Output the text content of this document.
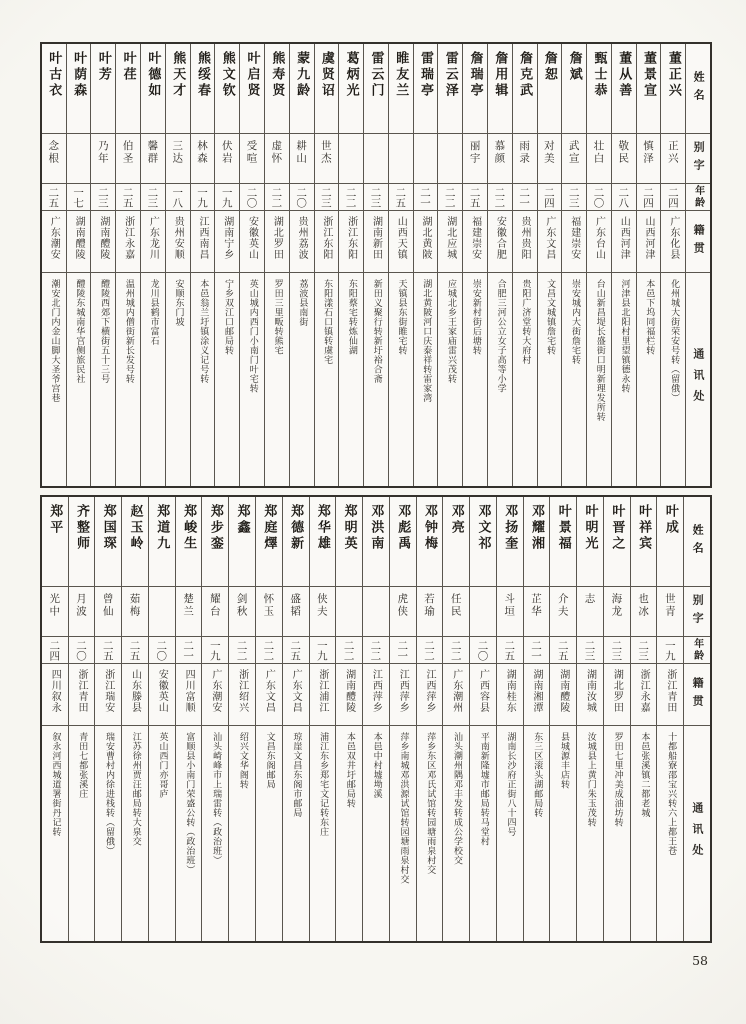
姓名
别字
年龄
籍贯
通讯处
董正兴
正兴
二四
广东化县
化州城大街荣安号转（留俄）
董景宣
慎泽
二四
山西河津
本邑下坞同福栏转
董从善
敬民
二八
山西河津
河津县北阳村里望镇德永转
甄士恭
壮白
二〇
广东台山
台山新昌堤长盛街口明新理发所转
詹斌
武宣
二三
福建崇安
崇安城内大街詹宅转
詹恕
对美
二四
广东文昌
文昌文城镇詹宅转
詹克武
雨录
二一
贵州贵阳
贵阳广济堂转大府村
詹用辑
慕颜
二二
安徽合肥
合肥三河公立女子高等小学
詹瑞亭
丽宇
二五
福建崇安
崇安新村街后塘转
雷云泽
二二
湖北应城
应城北乡王家庙雷兴茂转
雷瑞亭
二一
湖北黄陂
湖北黄陂河口庆泰祥转雷家湾
睢友兰
二五
山西天镇
天镇县东街睢宅转
雷云门
二三
湖南新田
新田义聚行转新圩裕合斋
葛炳光
二二
浙江东阳
东阳蔡宅转炼仙湖
虞贤诏
世杰
二三
浙江东阳
东阳漾石口镇转虞宅
蒙九龄
耕山
二〇
贵州荔波
荔波县南街
熊寿贤
虚怀
二二
湖北罗田
罗田三里畈转熊宅
叶启贤
受喧
二〇
安徽英山
英山城内西门小南门叶宅转
熊文钦
伏岩
一九
湖南宁乡
宁乡双江口邮局转
熊绥春
林森
一九
江西南昌
本邑翁兰圩镇涂义记号转
熊天才
三达
一八
贵州安顺
安顺东门坡
叶德如
馨群
二三
广东龙川
龙川县鹤市富石
叶荏
伯圣
二五
浙江永嘉
温州城内僧街新长发号转
叶芳
乃年
二三
湖南醴陵
醴陵西郊下横街五十三号
叶荫森
一七
湖南醴陵
醴陵东城南华宫侧旅民社
叶古衣
念根
二五
广东潮安
潮安北门内金山脚大圣爷宫巷
姓名
别字
年龄
籍贯
通讯处
叶成
世青
一九
浙江青田
十都船寮邵宝兴转六上都王苍
叶祥宾
也冰
二三
浙江永嘉
本邑张溪镇二都老城
叶晋之
海龙
二三
湖北罗田
罗田七里冲美成油坊转
叶明光
志
二三
湖南汝城
汝城县上黄门朱玉茂转
叶景福
介夫
二五
湖南醴陵
县城源丰店转
邓耀湘
芷华
二一
湖南湘潭
东三区滚头湖邮局转
邓扬奎
斗垣
二五
湖南桂东
湖南长沙府正街八十四号
邓文祁
二〇
广西容县
平南新隆墟市邮局转马堂村
邓亮
任民
二二
广东潮州
汕头潮州隅邓丰发转成公学校交
邓钟梅
若瑜
二二
江西萍乡
萍乡东区邓氏试馆转园塘雨泉村交
邓彪禹
虎侠
二一
江西萍乡
萍乡南城邓洪源试馆转园塘雨泉村交
邓洪南
二二
江西萍乡
本邑中村墟坳溪
郑明英
二二
湖南醴陵
本邑双井圩邮局转
郑华雄
侠夫
一九
浙江浦江
浦江东乡郑宅文记转东庄
郑德新
盛韬
二五
广东文昌
琼崖文昌东阁市邮局
郑庭燡
怀玉
二二
广东文昌
文昌东阁邮局
郑鑫
剑秋
二二
浙江绍兴
绍兴文华阁转
郑步銮
耀台
一九
广东潮安
汕头崎峰市上瑞雷转（政治班）
郑峻生
楚兰
二一
四川富顺
富顺县小南门荣盛公转（政治班）
郑道九
二〇
安徽英山
英山西门亦哥庐
赵玉岭
茹梅
二五
山东滕县
江苏徐州贾汪邮局转大泉交
郑国琛
曾仙
二五
浙江瑞安
瑞安曹村内徐进栈转（留俄）
齐整师
月波
二〇
浙江青田
青田七都张溪庄
郑平
光中
二四
四川叙永
叙永河西城道署街丹记转
58
